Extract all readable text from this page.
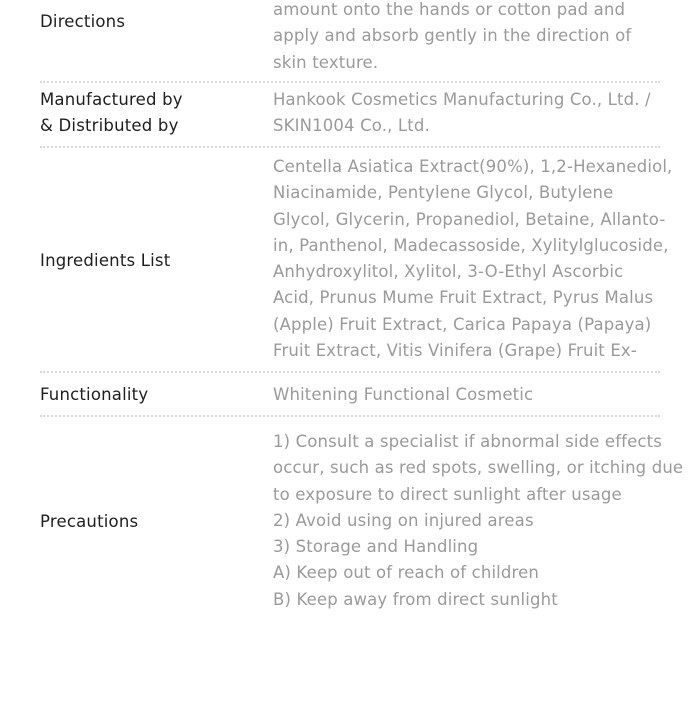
Directions
amount onto the hands or cotton pad and
apply and absorb gently in the direction of
skin texture.
Manufactured by
& Distributed by
Hankook Cosmetics Manufacturing Co., Ltd. /
SKIN1004 Co., Ltd.
Ingredients List
Centella Asiatica Extract(90%), 1,2-Hexanediol,
Niacinamide, Pentylene Glycol, Butylene
Glycol, Glycerin, Propanediol, Betaine, Allanto-
in, Panthenol, Madecassoside, Xylitylglucoside,
Anhydroxylitol, Xylitol, 3-O-Ethyl Ascorbic
Acid, Prunus Mume Fruit Extract, Pyrus Malus
(Apple) Fruit Extract, Carica Papaya (Papaya)
Fruit Extract, Vitis Vinifera (Grape) Fruit Ex-
Functionality	Whitening Functional Cosmetic
Precautions
1) Consult a specialist if abnormal side effects
occur, such as red spots, swelling, or itching due
to exposure to direct sunlight after usage
2) Avoid using on injured areas
3) Storage and Handling
A) Keep out of reach of children
B) Keep away from direct sunlight
